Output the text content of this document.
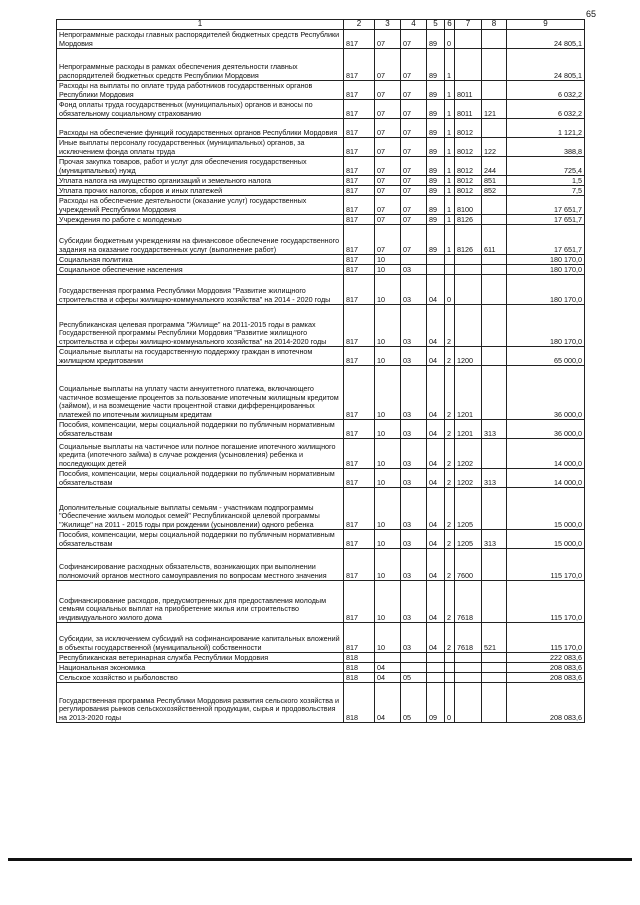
65
1	2	3	4	5	6	7	8	9
Непрограммные расходы главных распорядителей бюджетных средств Республики Мордовия	817	07	07	89	0			24 805,1
Непрограммные расходы в рамках обеспечения деятельности главных распорядителей бюджетных средств Республики Мордовия	817	07	07	89	1			24 805,1
Расходы на выплаты по оплате труда работников государственных органов Республики Мордовия	817	07	07	89	1	8011		6 032,2
Фонд оплаты труда государственных (муниципальных) органов и взносы по обязательному социальному страхованию	817	07	07	89	1	8011	121	6 032,2
Расходы на обеспечение функций государственных органов Республики Мордовия	817	07	07	89	1	8012		1 121,2
Иные выплаты персоналу государственных (муниципальных) органов, за исключением фонда оплаты труда	817	07	07	89	1	8012	122	388,8
Прочая закупка товаров, работ и услуг для обеспечения государственных (муниципальных) нужд	817	07	07	89	1	8012	244	725,4
Уплата налога на имущество организаций и земельного налога	817	07	07	89	1	8012	851	1,5
Уплата прочих налогов, сборов и иных платежей	817	07	07	89	1	8012	852	7,5
Расходы на обеспечение деятельности (оказание услуг) государственных учреждений Республики Мордовия	817	07	07	89	1	8100		17 651,7
Учреждения по работе с молодежью	817	07	07	89	1	8126		17 651,7
Субсидии бюджетным учреждениям на финансовое обеспечение государственного задания на оказание государственных услуг (выполнение работ)	817	07	07	89	1	8126	611	17 651,7
Социальная политика	817	10						180 170,0
Социальное обеспечение населения	817	10	03					180 170,0
Государственная программа Республики Мордовия "Развитие жилищного строительства и сферы жилищно-коммунального хозяйства" на 2014 - 2020 годы	817	10	03	04	0			180 170,0
Республиканская целевая программа "Жилище" на 2011-2015 годы в рамках Государственной программы Республики Мордовия "Развитие жилищного строительства и сферы жилищно-коммунального хозяйства" на 2014-2020 годы	817	10	03	04	2			180 170,0
Социальные выплаты на государственную поддержку граждан в ипотечном жилищном кредитовании	817	10	03	04	2	1200		65 000,0
Социальные выплаты на уплату части аннуитетного платежа, включающего частичное возмещение процентов за пользование ипотечным жилищным кредитом (займом), и на возмещение части процентной ставки дифференцированных платежей по ипотечным жилищным кредитам	817	10	03	04	2	1201		36 000,0
Пособия, компенсации, меры социальной поддержки по публичным нормативным обязательствам	817	10	03	04	2	1201	313	36 000,0
Социальные выплаты на частичное или полное погашение ипотечного жилищного кредита (ипотечного займа) в случае рождения (усыновления) ребенка и последующих детей	817	10	03	04	2	1202		14 000,0
Пособия, компенсации, меры социальной поддержки по публичным нормативным обязательствам	817	10	03	04	2	1202	313	14 000,0
Дополнительные социальные выплаты семьям - участникам подпрограммы "Обеспечение жильем молодых семей" Республиканской целевой программы "Жилище" на 2011 - 2015 годы при рождении (усыновлении) одного ребенка	817	10	03	04	2	1205		15 000,0
Пособия, компенсации, меры социальной поддержки по публичным нормативным обязательствам	817	10	03	04	2	1205	313	15 000,0
Софинансирование расходных обязательств, возникающих при выполнении полномочий органов местного самоуправления по вопросам местного значения	817	10	03	04	2	7600		115 170,0
Софинансирование расходов, предусмотренных для предоставления молодым семьям социальных выплат на приобретение жилья или строительство индивидуального жилого дома	817	10	03	04	2	7618		115 170,0
Субсидии, за исключением субсидий на софинансирование капитальных вложений в объекты государственной (муниципальной) собственности	817	10	03	04	2	7618	521	115 170,0
Республиканская ветеринарная служба Республики Мордовия	818							222 083,6
Национальная экономика	818	04						208 083,6
Сельское хозяйство и рыболовство	818	04	05					208 083,6
Государственная программа Республики Мордовия развития сельского хозяйства и регулирования рынков сельскохозяйственной продукции, сырья и продовольствия на 2013-2020 годы	818	04	05	09	0			208 083,6
